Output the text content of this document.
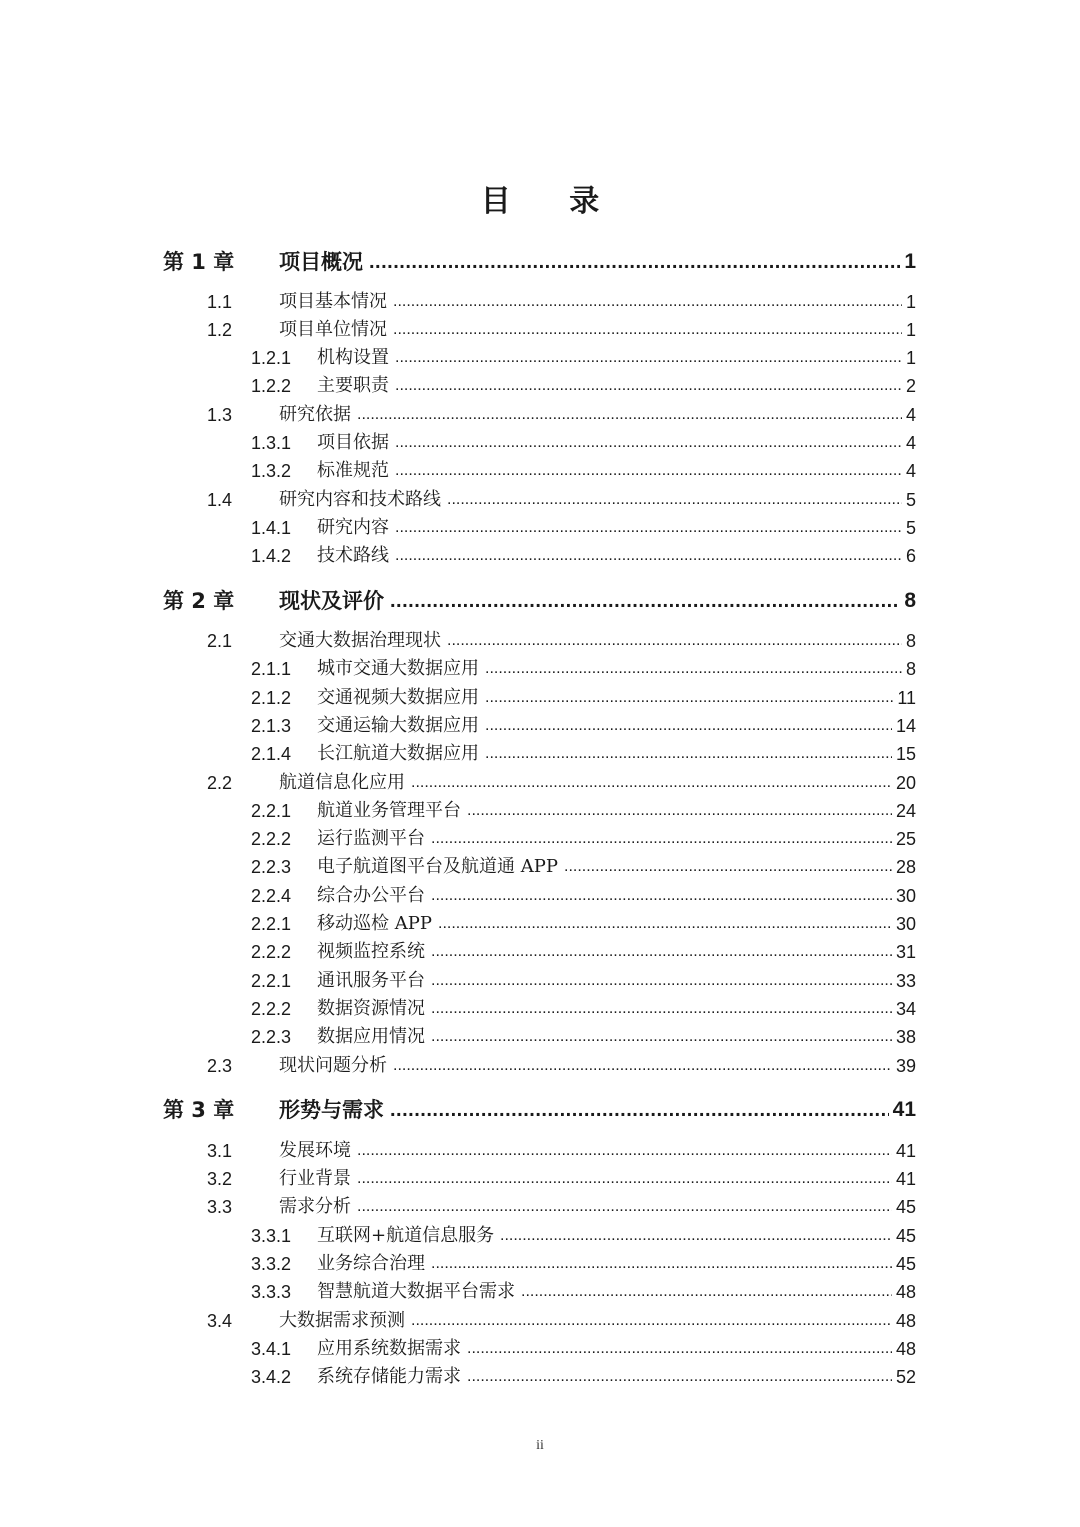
目 录
第 1 章 项目概况 .....	1
1.1	项目基本情况 .....	1
1.2	项目单位情况 .....	1
1.2.1 机构设置 .....	1
1.2.2 主要职责 .....	2
1.3	研究依据 .....	4
1.3.1 项目依据 .....	4
1.3.2 标准规范 .....	4
1.4	研究内容和技术路线 .....	5
1.4.1 研究内容 .....	5
1.4.2 技术路线 .....	6
第 2 章 现状及评价 .....	8
2.1	交通大数据治理现状 .....	8
2.1.1 城市交通大数据应用 .....	8
2.1.2 交通视频大数据应用 .....	11
2.1.3 交通运输大数据应用 .....	14
2.1.4 长江航道大数据应用 .....	15
2.2	航道信息化应用 .....	20
2.2.1 航道业务管理平台 .....	24
2.2.2 运行监测平台 .....	25
2.2.3 电子航道图平台及航道通 APP .....	28
2.2.4 综合办公平台 .....	30
2.2.1 移动巡检 APP .....	30
2.2.2 视频监控系统 .....	31
2.2.1 通讯服务平台 .....	33
2.2.2 数据资源情况 .....	34
2.2.3 数据应用情况 .....	38
2.3	现状问题分析 .....	39
第 3 章 形势与需求 .....	41
3.1	发展环境 .....	41
3.2	行业背景 .....	41
3.3	需求分析 .....	45
3.3.1 互联网+航道信息服务 .....	45
3.3.2 业务综合治理 .....	45
3.3.3 智慧航道大数据平台需求 .....	48
3.4	大数据需求预测 .....	48
3.4.1 应用系统数据需求 .....	48
3.4.2 系统存储能力需求 .....	52
ii
